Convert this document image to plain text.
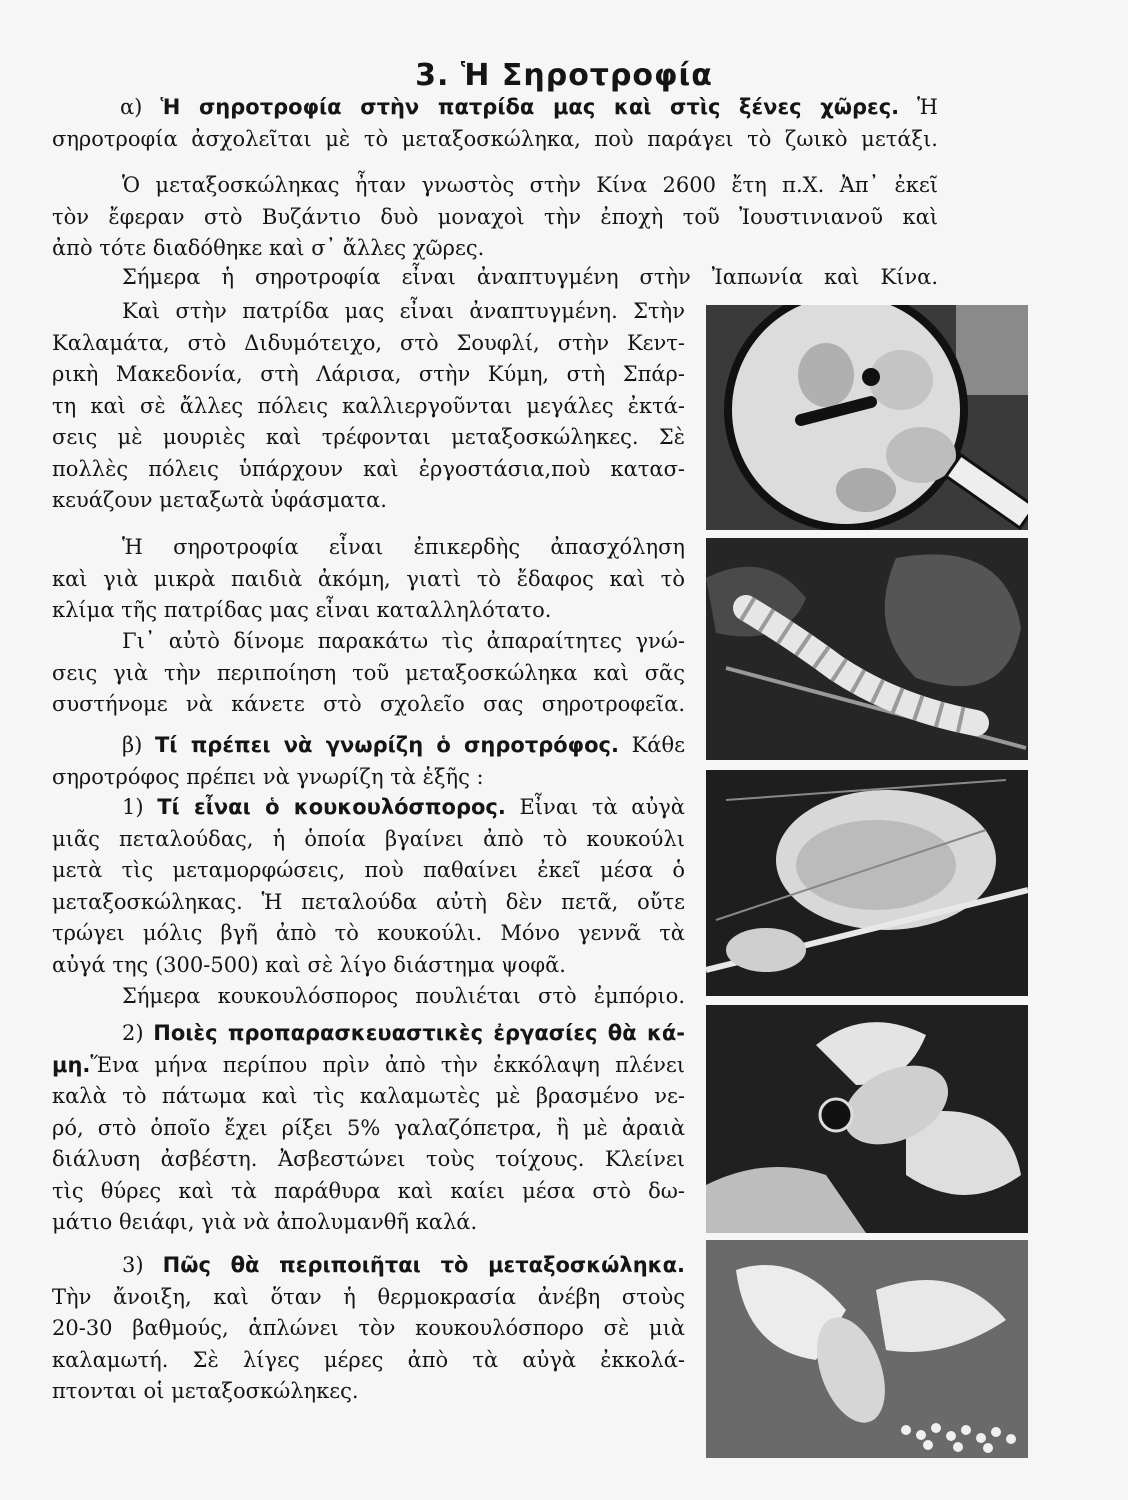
3. Ἡ Σηροτροφία
α) Ἡ σηροτροφία στὴν πατρίδα μας καὶ στὶς ξένες χῶρες. Ἡ
σηροτροφία ἀσχολεῖται μὲ τὸ μεταξοσκώληκα, ποὺ παράγει τὸ ζωικὸ μετάξι.
Ὁ μεταξοσκώληκας ἦταν γνωστὸς στὴν Κίνα 2600 ἔτη π.Χ. Ἀπ᾽ ἐκεῖ
τὸν ἔφεραν στὸ Βυζάντιο δυὸ μοναχοὶ τὴν ἐποχὴ τοῦ Ἰουστινιανοῦ καὶ
ἀπὸ τότε διαδόθηκε καὶ σ᾽ ἄλλες χῶρες.
Σήμερα ἡ σηροτροφία εἶναι ἀναπτυγμένη στὴν Ἰαπωνία καὶ Κίνα.
Καὶ στὴν πατρίδα μας εἶναι ἀναπτυγμένη. Στὴν
Καλαμάτα, στὸ Διδυμότειχο, στὸ Σουφλί, στὴν Κεντ-
ρικὴ Μακεδονία, στὴ Λάρισα, στὴν Κύμη, στὴ Σπάρ-
τη καὶ σὲ ἄλλες πόλεις καλλιεργοῦνται μεγάλες ἐκτά-
σεις μὲ μουριὲς καὶ τρέφονται μεταξοσκώληκες. Σὲ
πολλὲς πόλεις ὑπάρχουν καὶ ἐργοστάσια,ποὺ κατασ-
κευάζουν μεταξωτὰ ὑφάσματα.
Ἡ σηροτροφία εἶναι ἐπικερδὴς ἀπασχόληση
καὶ γιὰ μικρὰ παιδιὰ ἀκόμη, γιατὶ τὸ ἔδαφος καὶ τὸ
κλίμα τῆς πατρίδας μας εἶναι καταλληλότατο.
Γι᾽ αὐτὸ δίνομε παρακάτω τὶς ἀπαραίτητες γνώ-
σεις γιὰ τὴν περιποίηση τοῦ μεταξοσκώληκα καὶ σᾶς
συστήνομε νὰ κάνετε στὸ σχολεῖο σας σηροτροφεῖα.
β) Τί πρέπει νὰ γνωρίζη ὁ σηροτρόφος. Κάθε
σηροτρόφος πρέπει νὰ γνωρίζη τὰ ἑξῆς :
1) Τί εἶναι ὁ κουκουλόσπορος. Εἶναι τὰ αὐγὰ
μιᾶς πεταλούδας, ἡ ὁποία βγαίνει ἀπὸ τὸ κουκούλι
μετὰ τὶς μεταμορφώσεις, ποὺ παθαίνει ἐκεῖ μέσα ὁ
μεταξοσκώληκας. Ἡ πεταλούδα αὐτὴ δὲν πετᾶ, οὔτε
τρώγει μόλις βγῆ ἀπὸ τὸ κουκούλι. Μόνο γεννᾶ τὰ
αὐγά της (300-500) καὶ σὲ λίγο διάστημα ψοφᾶ.
Σήμερα κουκουλόσπορος πουλιέται στὸ ἐμπόριο.
2) Ποιὲς προπαρασκευαστικὲς ἐργασίες θὰ κά-
μη.Ἕνα μήνα περίπου πρὶν ἀπὸ τὴν ἐκκόλαψη πλένει
καλὰ τὸ πάτωμα καὶ τὶς καλαμωτὲς μὲ βρασμένο νε-
ρό, στὸ ὁποῖο ἔχει ρίξει 5% γαλαζόπετρα, ἢ μὲ ἀραιὰ
διάλυση ἀσβέστη. Ἀσβεστώνει τοὺς τοίχους. Κλείνει
τὶς θύρες καὶ τὰ παράθυρα καὶ καίει μέσα στὸ δω-
μάτιο θειάφι, γιὰ νὰ ἀπολυμανθῆ καλά.
3) Πῶς θὰ περιποιῆται τὸ μεταξοσκώληκα.
Τὴν ἄνοιξη, καὶ ὅταν ἡ θερμοκρασία ἀνέβη στοὺς
20-30 βαθμούς, ἁπλώνει τὸν κουκουλόσπορο σὲ μιὰ
καλαμωτή. Σὲ λίγες μέρες ἀπὸ τὰ αὐγὰ ἐκκολά-
πτονται οἱ μεταξοσκώληκες.
